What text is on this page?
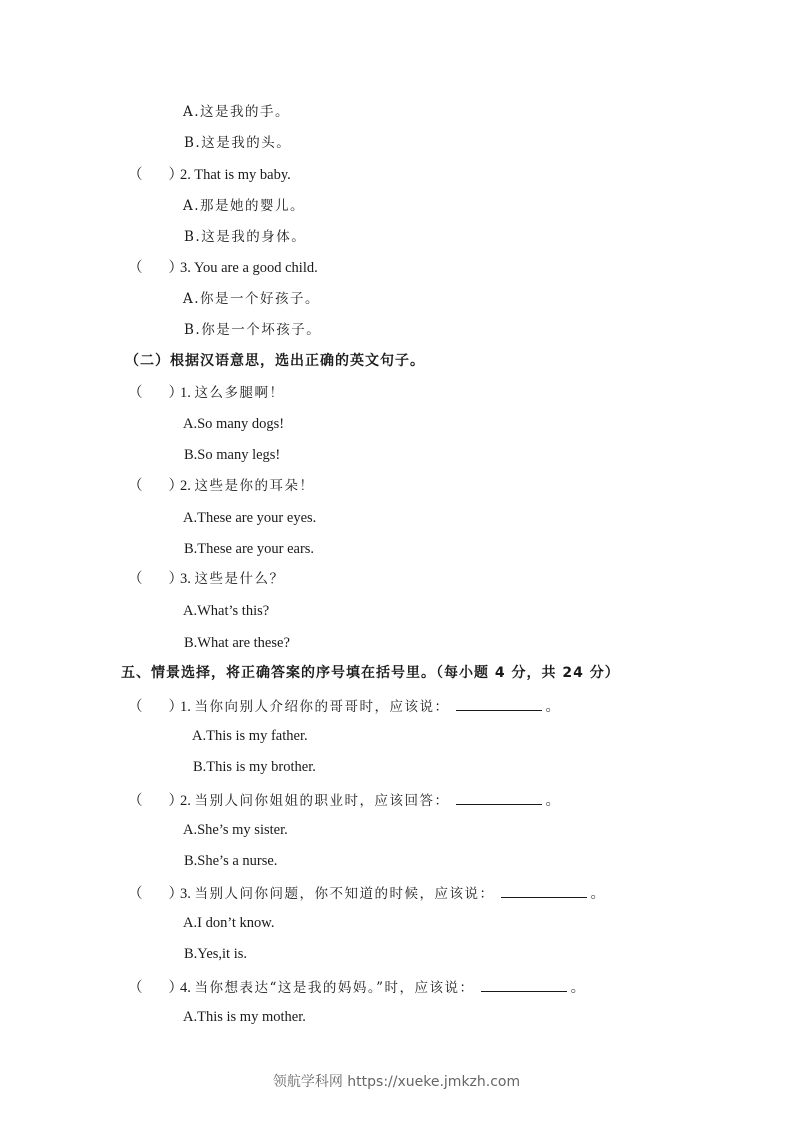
A.这是我的手。
B.这是我的头。
（ ）2. That is my baby.
A.那是她的婴儿。
B.这是我的身体。
（ ）3. You are a good child.
A.你是一个好孩子。
B.你是一个坏孩子。
（二）根据汉语意思，选出正确的英文句子。
（ ）1. 这么多腿啊！
A.So many dogs!
B.So many legs!
（ ）2. 这些是你的耳朵！
A.These are your eyes.
B.These are your ears.
（ ）3. 这些是什么？
A.What’s this?
B.What are these?
五、情景选择，将正确答案的序号填在括号里。（每小题 4 分，共 24 分）
（ ）1. 当你向别人介绍你的哥哥时，应该说：	。
A.This is my father.
B.This is my brother.
（ ）2. 当别人问你姐姐的职业时，应该回答：	。
A.She’s my sister.
B.She’s a nurse.
（ ）3. 当别人问你问题，你不知道的时候，应该说：	。
A.I don’t know.
B.Yes,it is.
（ ）4. 当你想表达“这是我的妈妈。”时，应该说：	。
A.This is my mother.
领航学科网 https://xueke.jmkzh.com
